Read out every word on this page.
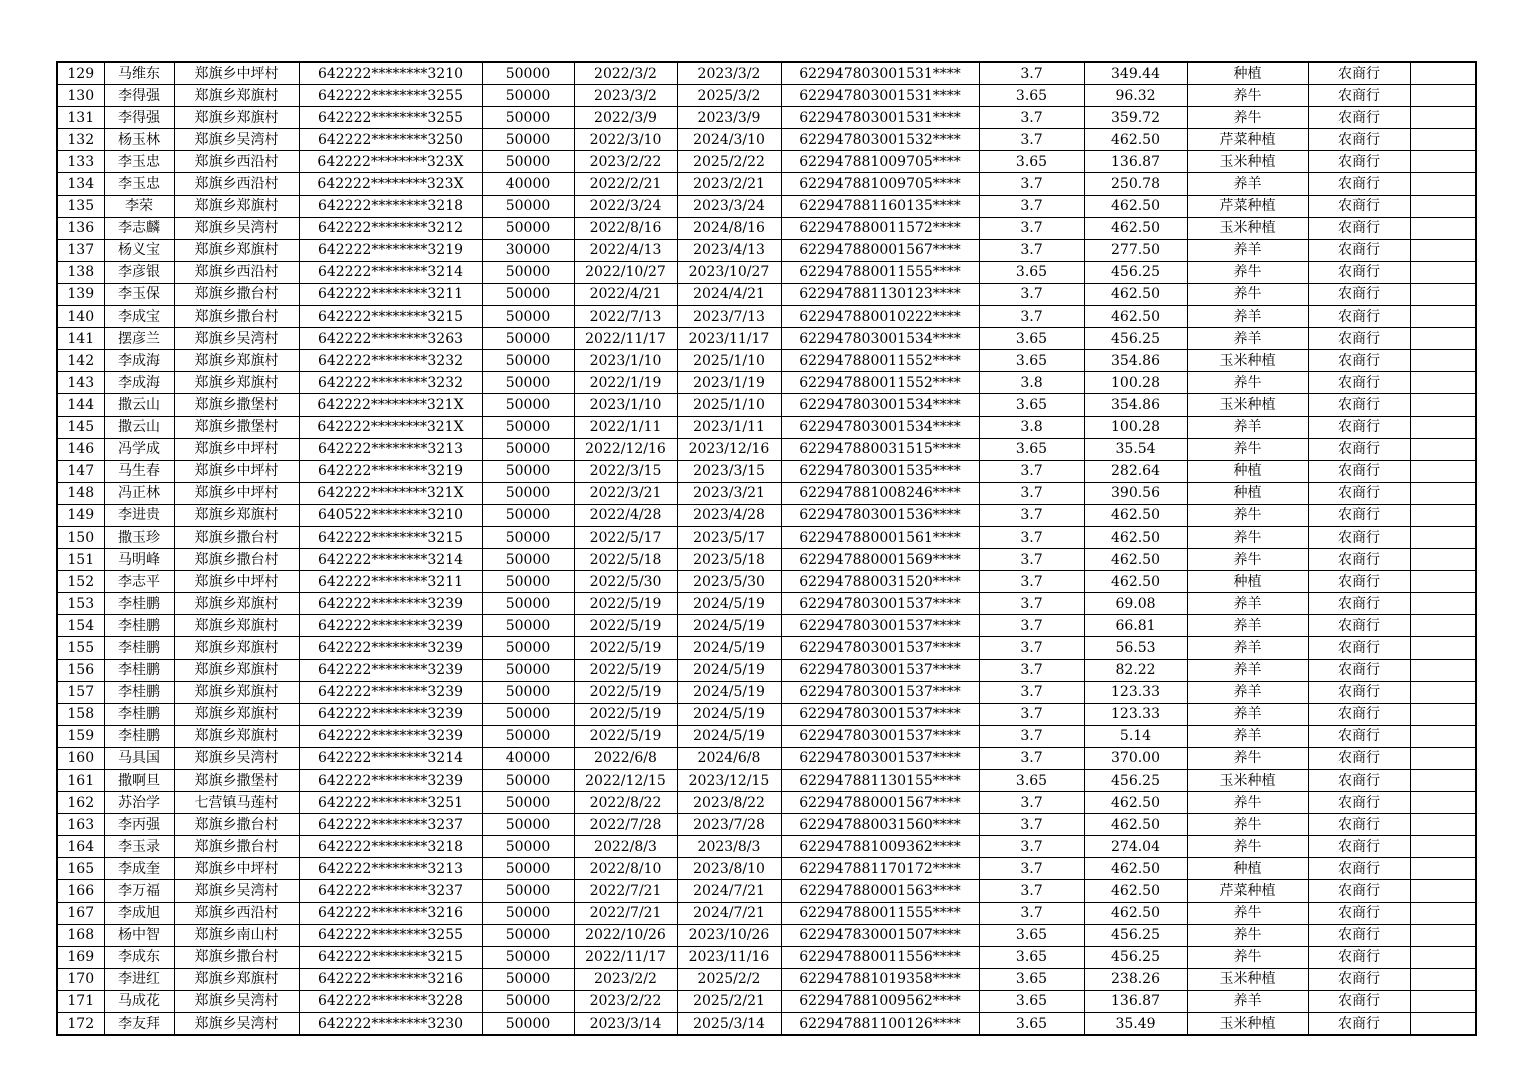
129	马维东	郑旗乡中坪村	642222********3210	50000	2022/3/2	2023/3/2	622947803001531****	3.7	349.44	种植	农商行	
130	李得强	郑旗乡郑旗村	642222********3255	50000	2023/3/2	2025/3/2	622947803001531****	3.65	96.32	养牛	农商行	
131	李得强	郑旗乡郑旗村	642222********3255	50000	2022/3/9	2023/3/9	622947803001531****	3.7	359.72	养牛	农商行	
132	杨玉林	郑旗乡吴湾村	642222********3250	50000	2022/3/10	2024/3/10	622947803001532****	3.7	462.50	芹菜种植	农商行	
133	李玉忠	郑旗乡西沿村	642222********323X	50000	2023/2/22	2025/2/22	622947881009705****	3.65	136.87	玉米种植	农商行	
134	李玉忠	郑旗乡西沿村	642222********323X	40000	2022/2/21	2023/2/21	622947881009705****	3.7	250.78	养羊	农商行	
135	李荣	郑旗乡郑旗村	642222********3218	50000	2022/3/24	2023/3/24	622947881160135****	3.7	462.50	芹菜种植	农商行	
136	李志麟	郑旗乡吴湾村	642222********3212	50000	2022/8/16	2024/8/16	622947880011572****	3.7	462.50	玉米种植	农商行	
137	杨义宝	郑旗乡郑旗村	642222********3219	30000	2022/4/13	2023/4/13	622947880001567****	3.7	277.50	养羊	农商行	
138	李彦银	郑旗乡西沿村	642222********3214	50000	2022/10/27	2023/10/27	622947880011555****	3.65	456.25	养牛	农商行	
139	李玉保	郑旗乡撒台村	642222********3211	50000	2022/4/21	2024/4/21	622947881130123****	3.7	462.50	养牛	农商行	
140	李成宝	郑旗乡撒台村	642222********3215	50000	2022/7/13	2023/7/13	622947880010222****	3.7	462.50	养羊	农商行	
141	摆彦兰	郑旗乡吴湾村	642222********3263	50000	2022/11/17	2023/11/17	622947803001534****	3.65	456.25	养羊	农商行	
142	李成海	郑旗乡郑旗村	642222********3232	50000	2023/1/10	2025/1/10	622947880011552****	3.65	354.86	玉米种植	农商行	
143	李成海	郑旗乡郑旗村	642222********3232	50000	2022/1/19	2023/1/19	622947880011552****	3.8	100.28	养牛	农商行	
144	撒云山	郑旗乡撒堡村	642222********321X	50000	2023/1/10	2025/1/10	622947803001534****	3.65	354.86	玉米种植	农商行	
145	撒云山	郑旗乡撒堡村	642222********321X	50000	2022/1/11	2023/1/11	622947803001534****	3.8	100.28	养羊	农商行	
146	冯学成	郑旗乡中坪村	642222********3213	50000	2022/12/16	2023/12/16	622947880031515****	3.65	35.54	养牛	农商行	
147	马生春	郑旗乡中坪村	642222********3219	50000	2022/3/15	2023/3/15	622947803001535****	3.7	282.64	种植	农商行	
148	冯正林	郑旗乡中坪村	642222********321X	50000	2022/3/21	2023/3/21	622947881008246****	3.7	390.56	种植	农商行	
149	李进贵	郑旗乡郑旗村	640522********3210	50000	2022/4/28	2023/4/28	622947803001536****	3.7	462.50	养牛	农商行	
150	撒玉珍	郑旗乡撒台村	642222********3215	50000	2022/5/17	2023/5/17	622947880001561****	3.7	462.50	养牛	农商行	
151	马明峰	郑旗乡撒台村	642222********3214	50000	2022/5/18	2023/5/18	622947880001569****	3.7	462.50	养牛	农商行	
152	李志平	郑旗乡中坪村	642222********3211	50000	2022/5/30	2023/5/30	622947880031520****	3.7	462.50	种植	农商行	
153	李桂鹏	郑旗乡郑旗村	642222********3239	50000	2022/5/19	2024/5/19	622947803001537****	3.7	69.08	养羊	农商行	
154	李桂鹏	郑旗乡郑旗村	642222********3239	50000	2022/5/19	2024/5/19	622947803001537****	3.7	66.81	养羊	农商行	
155	李桂鹏	郑旗乡郑旗村	642222********3239	50000	2022/5/19	2024/5/19	622947803001537****	3.7	56.53	养羊	农商行	
156	李桂鹏	郑旗乡郑旗村	642222********3239	50000	2022/5/19	2024/5/19	622947803001537****	3.7	82.22	养羊	农商行	
157	李桂鹏	郑旗乡郑旗村	642222********3239	50000	2022/5/19	2024/5/19	622947803001537****	3.7	123.33	养羊	农商行	
158	李桂鹏	郑旗乡郑旗村	642222********3239	50000	2022/5/19	2024/5/19	622947803001537****	3.7	123.33	养羊	农商行	
159	李桂鹏	郑旗乡郑旗村	642222********3239	50000	2022/5/19	2024/5/19	622947803001537****	3.7	5.14	养羊	农商行	
160	马具国	郑旗乡吴湾村	642222********3214	40000	2022/6/8	2024/6/8	622947803001537****	3.7	370.00	养牛	农商行	
161	撒啊旦	郑旗乡撒堡村	642222********3239	50000	2022/12/15	2023/12/15	622947881130155****	3.65	456.25	玉米种植	农商行	
162	苏治学	七营镇马莲村	642222********3251	50000	2022/8/22	2023/8/22	622947880001567****	3.7	462.50	养牛	农商行	
163	李丙强	郑旗乡撒台村	642222********3237	50000	2022/7/28	2023/7/28	622947880031560****	3.7	462.50	养牛	农商行	
164	李玉录	郑旗乡撒台村	642222********3218	50000	2022/8/3	2023/8/3	622947881009362****	3.7	274.04	养牛	农商行	
165	李成奎	郑旗乡中坪村	642222********3213	50000	2022/8/10	2023/8/10	622947881170172****	3.7	462.50	种植	农商行	
166	李万福	郑旗乡吴湾村	642222********3237	50000	2022/7/21	2024/7/21	622947880001563****	3.7	462.50	芹菜种植	农商行	
167	李成旭	郑旗乡西沿村	642222********3216	50000	2022/7/21	2024/7/21	622947880011555****	3.7	462.50	养牛	农商行	
168	杨中智	郑旗乡南山村	642222********3255	50000	2022/10/26	2023/10/26	622947830001507****	3.65	456.25	养牛	农商行	
169	李成东	郑旗乡撒台村	642222********3215	50000	2022/11/17	2023/11/16	622947880011556****	3.65	456.25	养牛	农商行	
170	李进红	郑旗乡郑旗村	642222********3216	50000	2023/2/2	2025/2/2	622947881019358****	3.65	238.26	玉米种植	农商行	
171	马成花	郑旗乡吴湾村	642222********3228	50000	2023/2/22	2025/2/21	622947881009562****	3.65	136.87	养羊	农商行	
172	李友拜	郑旗乡吴湾村	642222********3230	50000	2023/3/14	2025/3/14	622947881100126****	3.65	35.49	玉米种植	农商行	
